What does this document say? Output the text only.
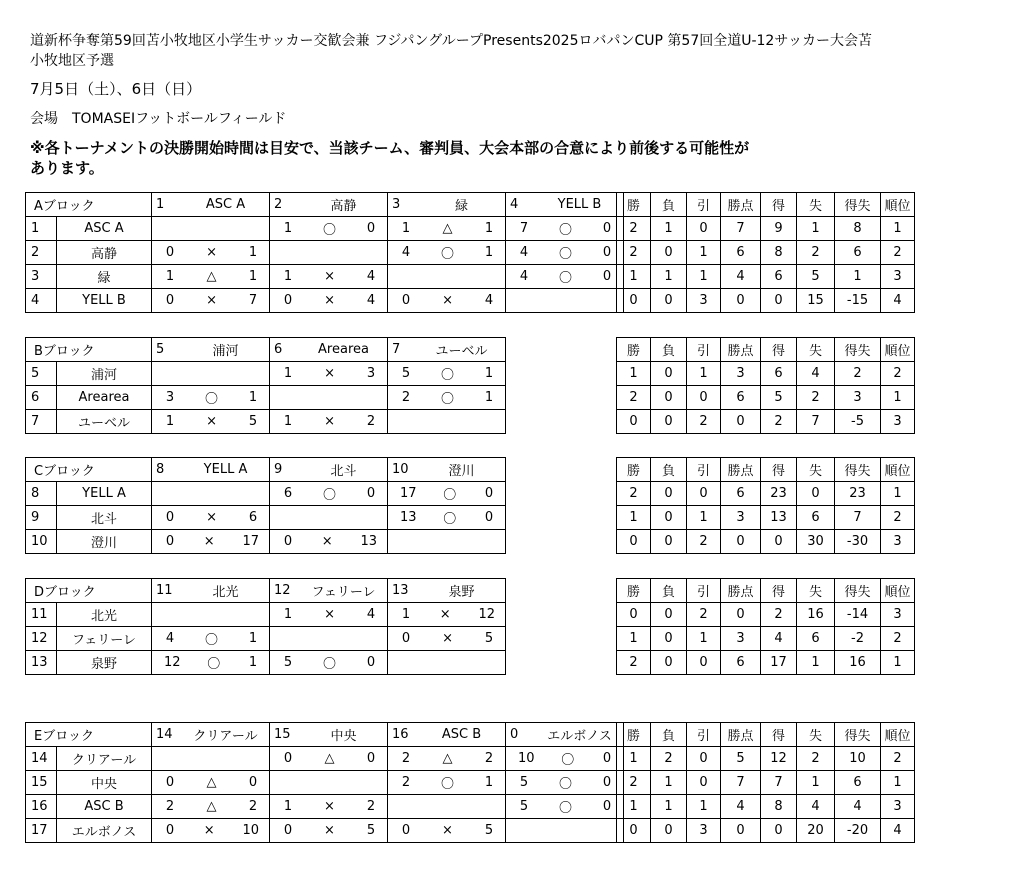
道新杯争奪第59回苫小牧地区小学生サッカー交歓会兼 フジパングループPresents2025ロバパンCUP 第57回全道U-12サッカー大会苫
小牧地区予選
7月5日（土）、6日（日）
会場　TOMASEIフットボールフィールド
※各トーナメントの決勝開始時間は目安で、当該チーム、審判員、大会本部の合意により前後する可能性が
あります。
Aブロック		1 ASC A	2 高静	3 緑	4 YELL B

1	ASC A		1 〇 0	1 △ 1	7 〇 0

2	高静	0 × 1		4 〇 1	4 〇 0

3	緑	1 △ 1	1 × 4		4 〇 0

4	YELL B	0 × 7	0 × 4	0 × 4	

勝	負	引	勝点	得	失	得失	順位
2	1	0	7	9	1	8	1
2	0	1	6	8	2	6	2
1	1	1	4	6	5	1	3
0	0	3	0	0	15	-15	4
Bブロック		5 浦河	6 Arearea	7 ユーベル

5	浦河		1 × 3	5 〇 1

6	Arearea	3 〇 1		2 〇 1

7	ユーベル	1 × 5	1 × 2	

勝	負	引	勝点	得	失	得失	順位
1	0	1	3	6	4	2	2
2	0	0	6	5	2	3	1
0	0	2	0	2	7	-5	3
Cブロック		8 YELL A	9 北斗	10 澄川

8	YELL A		6 〇 0	17 〇 0

9	北斗	0 × 6		13 〇 0

10	澄川	0 × 17	0 × 13	

勝	負	引	勝点	得	失	得失	順位
2	0	0	6	23	0	23	1
1	0	1	3	13	6	7	2
0	0	2	0	0	30	-30	3
Dブロック		11 北光	12 フェリーレ	13 泉野

11	北光		1 × 4	1 × 12

12	フェリーレ	4 〇 1		0 × 5

13	泉野	12 〇 1	5 〇 0	

勝	負	引	勝点	得	失	得失	順位
0	0	2	0	2	16	-14	3
1	0	1	3	4	6	-2	2
2	0	0	6	17	1	16	1
Eブロック		14 クリアール	15 中央	16 ASC B	0 エルボノス

14	クリアール		0 △ 0	2 △ 2	10 〇 0

15	中央	0 △ 0		2 〇 1	5 〇 0

16	ASC B	2 △ 2	1 × 2		5 〇 0

17	エルボノス	0 × 10	0 × 5	0 × 5	

勝	負	引	勝点	得	失	得失	順位
1	2	0	5	12	2	10	2
2	1	0	7	7	1	6	1
1	1	1	4	8	4	4	3
0	0	3	0	0	20	-20	4
